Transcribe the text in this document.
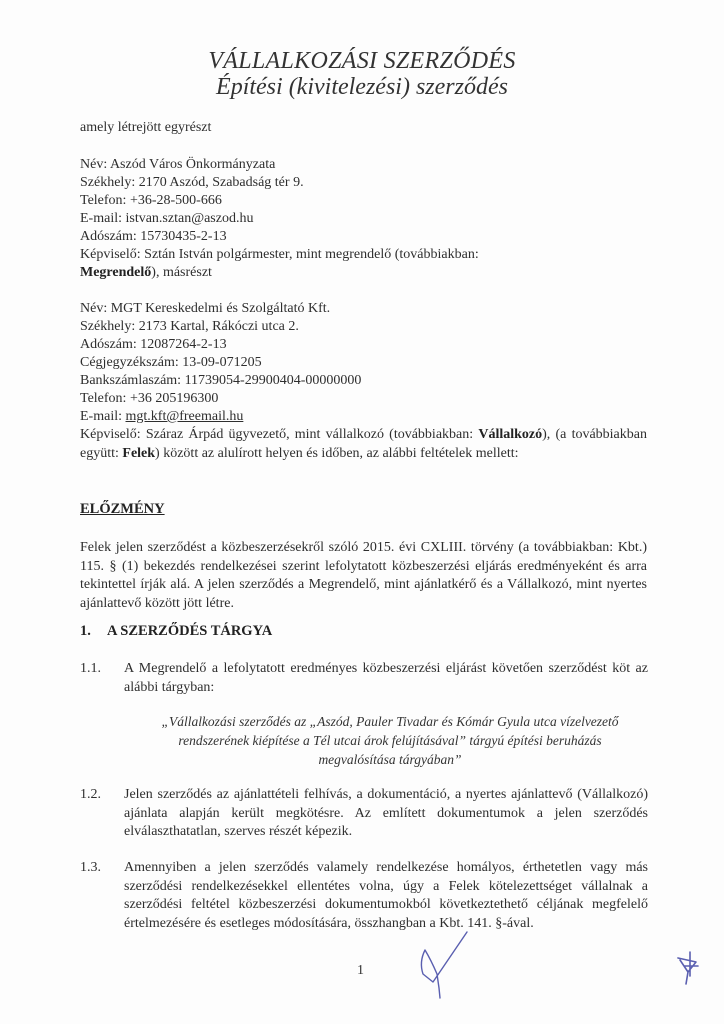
VÁLLALKOZÁSI SZERZŐDÉS
Építési (kivitelezési) szerződés
amely létrejött egyrészt
Név: Aszód Város Önkormányzata
Székhely: 2170 Aszód, Szabadság tér 9.
Telefon: +36-28-500-666
E-mail: istvan.sztan@aszod.hu
Adószám: 15730435-2-13
Képviselő: Sztán István polgármester, mint megrendelő (továbbiakban:
Megrendelő), másrészt
Név: MGT Kereskedelmi és Szolgáltató Kft.
Székhely: 2173 Kartal, Rákóczi utca 2.
Adószám: 12087264-2-13
Cégjegyzékszám: 13-09-071205
Bankszámlaszám: 11739054-29900404-00000000
Telefon: +36 205196300
E-mail: mgt.kft@freemail.hu
Képviselő: Száraz Árpád ügyvezető, mint vállalkozó (továbbiakban: Vállalkozó), (a továbbiakban együtt: Felek) között az alulírott helyen és időben, az alábbi feltételek mellett:
ELŐZMÉNY
Felek jelen szerződést a közbeszerzésekről szóló 2015. évi CXLIII. törvény (a továbbiakban: Kbt.) 115. § (1) bekezdés rendelkezései szerint lefolytatott közbeszerzési eljárás eredményeként és arra tekintettel írják alá. A jelen szerződés a Megrendelő, mint ajánlatkérő és a Vállalkozó, mint nyertes ajánlattevő között jött létre.
1. A SZERZŐDÉS TÁRGYA
1.1. A Megrendelő a lefolytatott eredményes közbeszerzési eljárást követően szerződést köt az alábbi tárgyban:
„Vállalkozási szerződés az „Aszód, Pauler Tivadar és Kómár Gyula utca vízelvezető
rendszerének kiépítése a Tél utcai árok felújításával” tárgyú építési beruházás
megvalósítása tárgyában”
1.2. Jelen szerződés az ajánlattételi felhívás, a dokumentáció, a nyertes ajánlattevő (Vállalkozó) ajánlata alapján került megkötésre. Az említett dokumentumok a jelen szerződés elválaszthatatlan, szerves részét képezik.
1.3. Amennyiben a jelen szerződés valamely rendelkezése homályos, érthetetlen vagy más szerződési rendelkezésekkel ellentétes volna, úgy a Felek kötelezettséget vállalnak a szerződési feltétel közbeszerzési dokumentumokból következtethető céljának megfelelő értelmezésére és esetleges módosítására, összhangban a Kbt. 141. §-ával.
1
